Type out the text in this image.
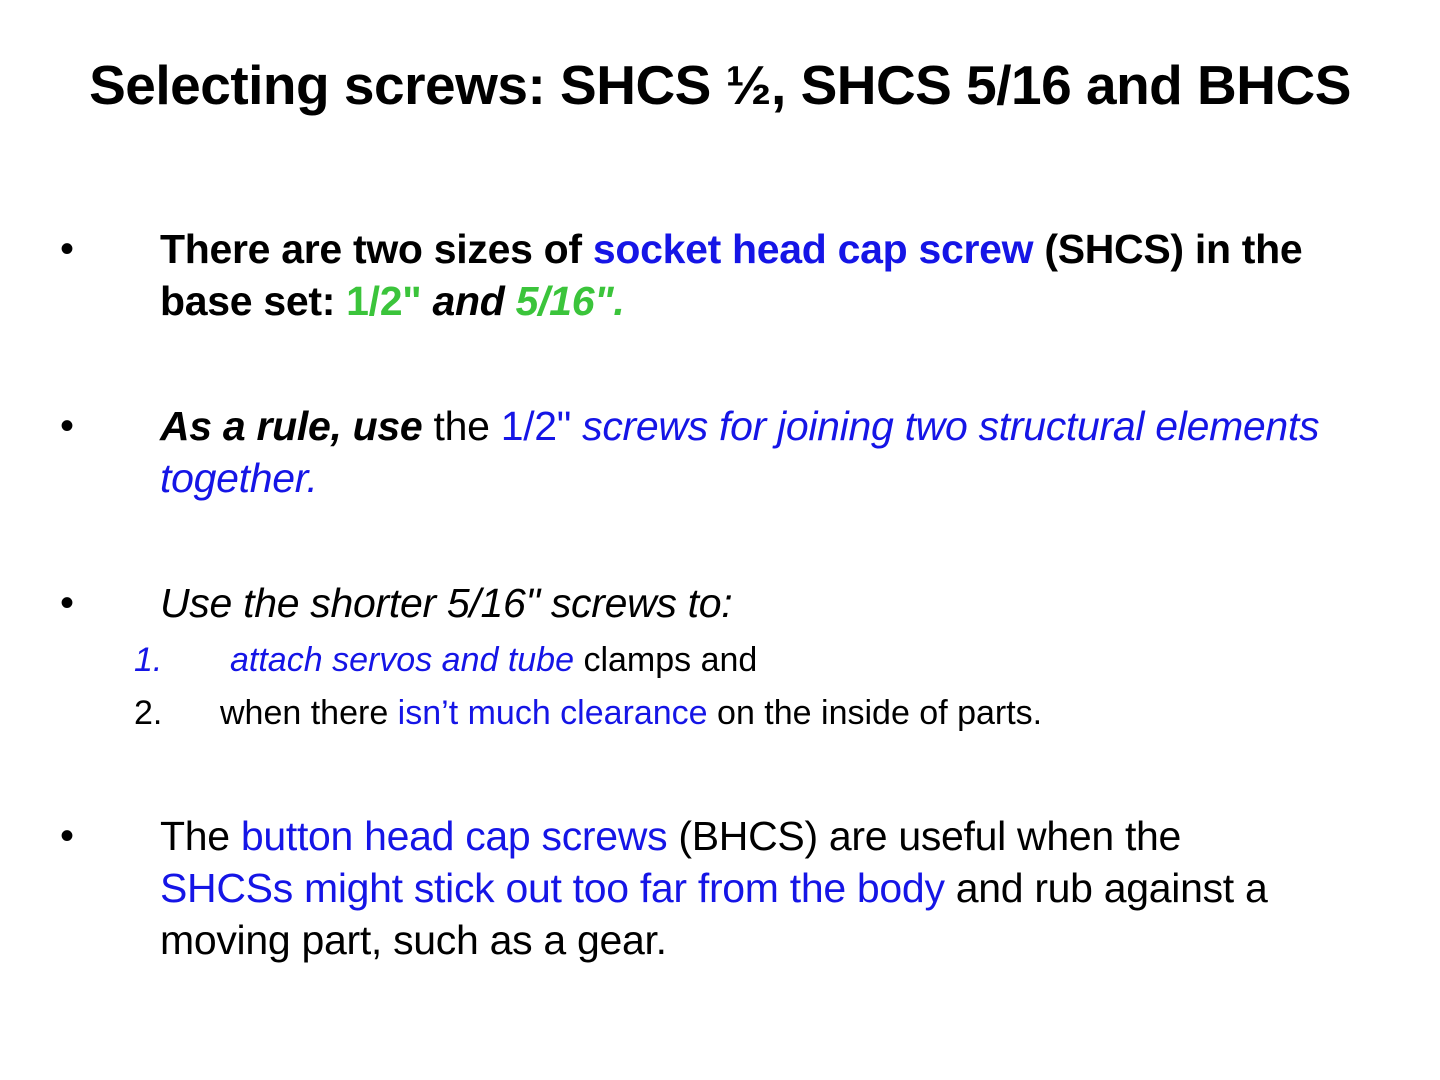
Selecting screws: SHCS ½, SHCS 5/16 and BHCS
• There are two sizes of socket head cap screw (SHCS) in the base set: 1/2" and 5/16".
• As a rule, use the 1/2" screws for joining two structural elements together.
• Use the shorter 5/16" screws to:
1. attach servos and tube clamps and
2. when there isn’t much clearance on the inside of parts.
• The button head cap screws (BHCS) are useful when the SHCSs might stick out too far from the body and rub against a moving part, such as a gear.
